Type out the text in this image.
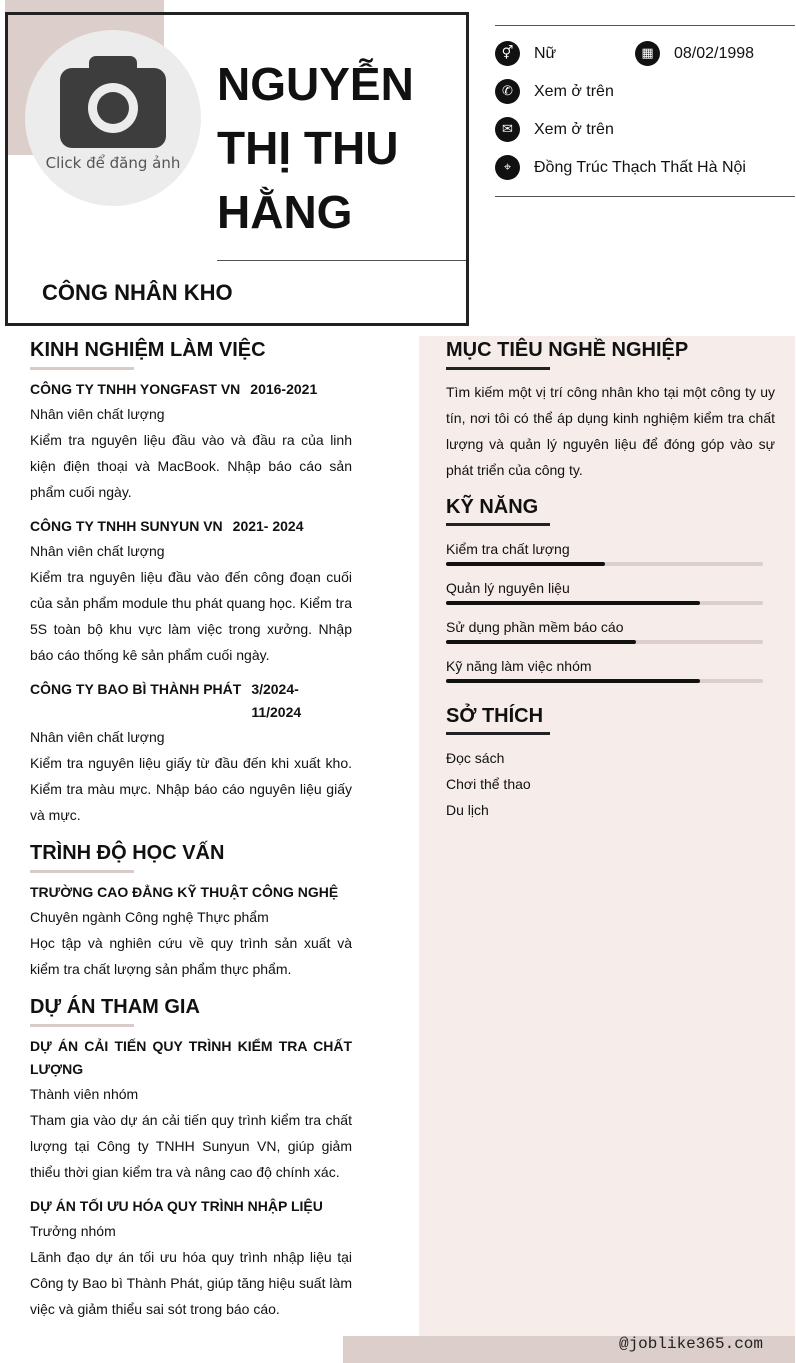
Click để đăng ảnh
NGUYỄN THỊ THU HẰNG
CÔNG NHÂN KHO
⚥	Nữ	▦	08/02/1998
✆	Xem ở trên
✉	Xem ở trên
⌖	Đồng Trúc Thạch Thất Hà Nội
KINH NGHIỆM LÀM VIỆC
CÔNG TY TNHH YONGFAST VN 2016-2021
Nhân viên chất lượng
Kiểm tra nguyên liệu đầu vào và đầu ra của linh kiện điện thoại và MacBook. Nhập báo cáo sản phẩm cuối ngày.
CÔNG TY TNHH SUNYUN VN 2021- 2024
Nhân viên chất lượng
Kiểm tra nguyên liệu đầu vào đến công đoạn cuối của sản phẩm module thu phát quang học. Kiểm tra 5S toàn bộ khu vực làm việc trong xưởng. Nhập báo cáo thống kê sản phẩm cuối ngày.
CÔNG TY BAO BÌ THÀNH PHÁT 3/2024-11/2024
Nhân viên chất lượng
Kiểm tra nguyên liệu giấy từ đầu đến khi xuất kho. Kiểm tra màu mực. Nhập báo cáo nguyên liệu giấy và mực.
TRÌNH ĐỘ HỌC VẤN
TRƯỜNG CAO ĐẲNG KỸ THUẬT CÔNG NGHỆ
Chuyên ngành Công nghệ Thực phẩm
Học tập và nghiên cứu về quy trình sản xuất và kiểm tra chất lượng sản phẩm thực phẩm.
DỰ ÁN THAM GIA
DỰ ÁN CẢI TIẾN QUY TRÌNH KIỂM TRA CHẤT LƯỢNG
Thành viên nhóm
Tham gia vào dự án cải tiến quy trình kiểm tra chất lượng tại Công ty TNHH Sunyun VN, giúp giảm thiểu thời gian kiểm tra và nâng cao độ chính xác.
DỰ ÁN TỐI ƯU HÓA QUY TRÌNH NHẬP LIỆU
Trưởng nhóm
Lãnh đạo dự án tối ưu hóa quy trình nhập liệu tại Công ty Bao bì Thành Phát, giúp tăng hiệu suất làm việc và giảm thiểu sai sót trong báo cáo.
MỤC TIÊU NGHỀ NGHIỆP
Tìm kiếm một vị trí công nhân kho tại một công ty uy tín, nơi tôi có thể áp dụng kinh nghiệm kiểm tra chất lượng và quản lý nguyên liệu để đóng góp vào sự phát triển của công ty.
KỸ NĂNG
Kiểm tra chất lượng
Quản lý nguyên liệu
Sử dụng phần mềm báo cáo
Kỹ năng làm việc nhóm
SỞ THÍCH
Đọc sách
Chơi thể thao
Du lịch
@joblike365.com
